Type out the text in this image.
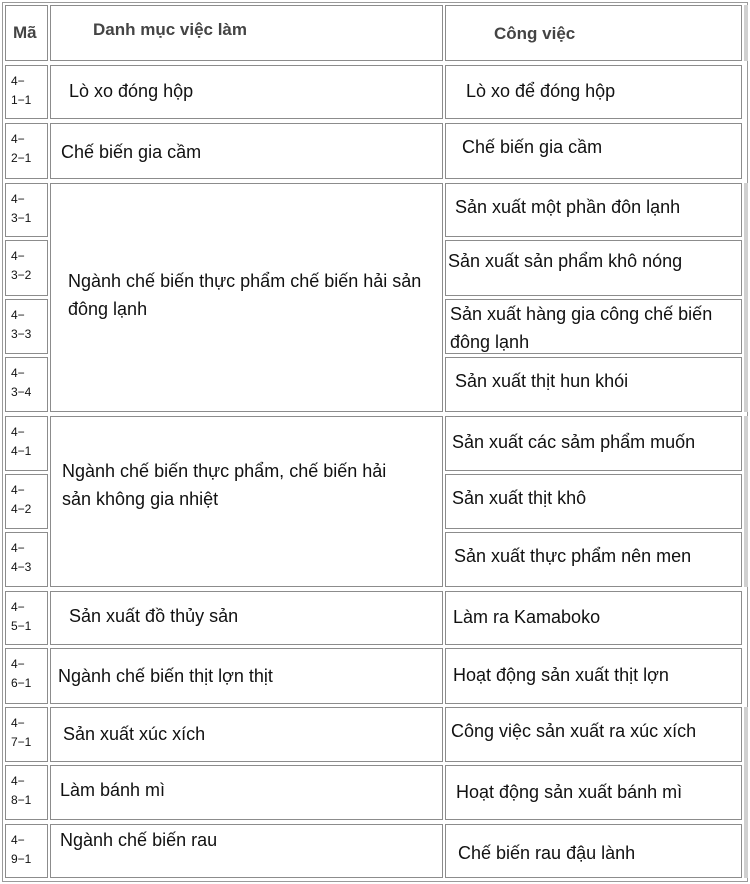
Mã	Danh mục việc làm	Công việc
4−
1−1
4−
2−1
4−
3−1
4−
3−2
4−
3−3
4−
3−4
4−
4−1
4−
4−2
4−
4−3
4−
5−1
4−
6−1
4−
7−1
4−
8−1
4−
9−1
Lò xo đóng hộp
Chế biến gia cầm
Ngành chế biến thực phẩm chế biến hải sản đông lạnh
Ngành chế biến thực phẩm, chế biến hải sản không gia nhiệt
Sản xuất đồ thủy sản
Ngành chế biến thịt lợn thịt
Sản xuất xúc xích
Làm bánh mì
Ngành chế biến rau
Lò xo để đóng hộp
Chế biến gia cầm
Sản xuất một phần đôn lạnh
Sản xuất sản phẩm khô nóng
Sản xuất hàng gia công chế biến đông lạnh
Sản xuất thịt hun khói
Sản xuất các sảm phẩm muốn
Sản xuất thịt khô
Sản xuất thực phẩm nên men
Làm ra Kamaboko
Hoạt động sản xuất thịt lợn
Công việc sản xuất ra xúc xích
Hoạt động sản xuất bánh mì
Chế biến rau đậu lành
